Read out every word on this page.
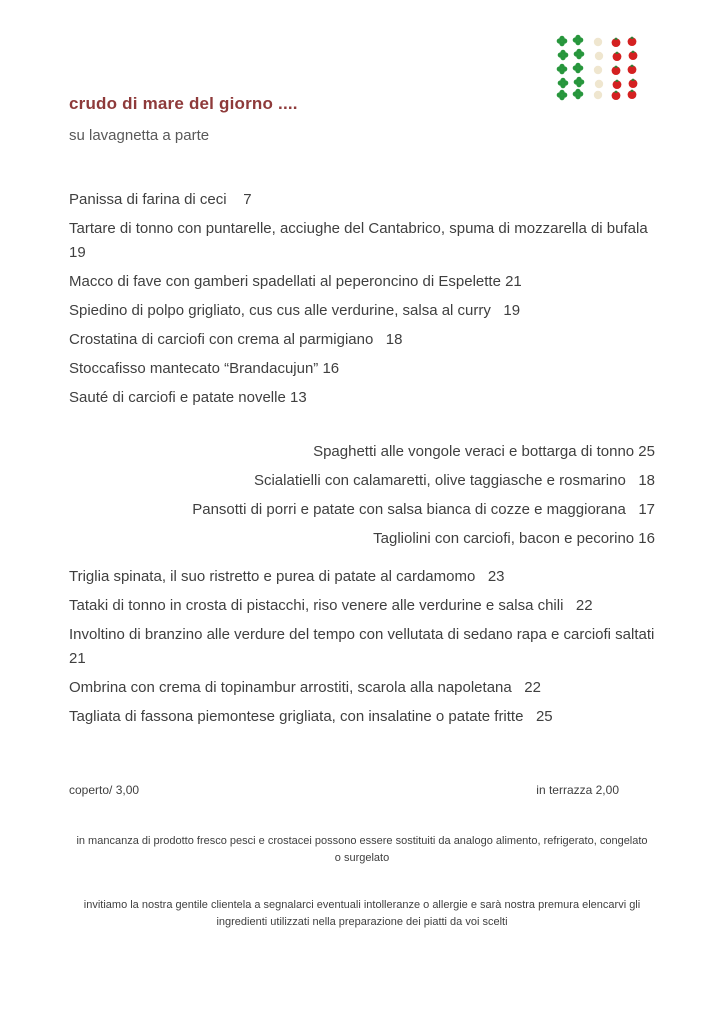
crudo di mare del giorno ....
su lavagnetta a parte

Panissa di farina di ceci    7

Tartare di tonno con puntarelle, acciughe del Cantabrico, spuma di mozzarella di bufala 19

Macco di fave con gamberi spadellati al peperoncino di Espelette 21

Spiedino di polpo grigliato, cus cus alle verdurine, salsa al curry   19

Crostatina di carciofi con crema al parmigiano   18

Stoccafisso mantecato “Brandacujun” 16

Sauté di carciofi e patate novelle 13

Spaghetti alle vongole veraci e bottarga di tonno 25

Scialatielli con calamaretti, olive taggiasche e rosmarino   18

Pansotti di porri e patate con salsa bianca di cozze e maggiorana   17

Tagliolini con carciofi, bacon e pecorino 16

Triglia spinata, il suo ristretto e purea di patate al cardamomo   23

Tataki di tonno in crosta di pistacchi, riso venere alle verdurine e salsa chili   22

Involtino di branzino alle verdure del tempo con vellutata di sedano rapa e carciofi saltati 21

Ombrina con crema di topinambur arrostiti, scarola alla napoletana   22

Tagliata di fassona piemontese grigliata, con insalatine o patate fritte   25

coperto/ 3,00	in terrazza 2,00

in mancanza di prodotto fresco pesci e crostacei possono essere sostituiti da analogo alimento, refrigerato, congelato o surgelato

invitiamo la nostra gentile clientela a segnalarci eventuali intolleranze o allergie e sarà nostra premura elencarvi gli ingredienti utilizzati nella preparazione dei piatti da voi scelti
